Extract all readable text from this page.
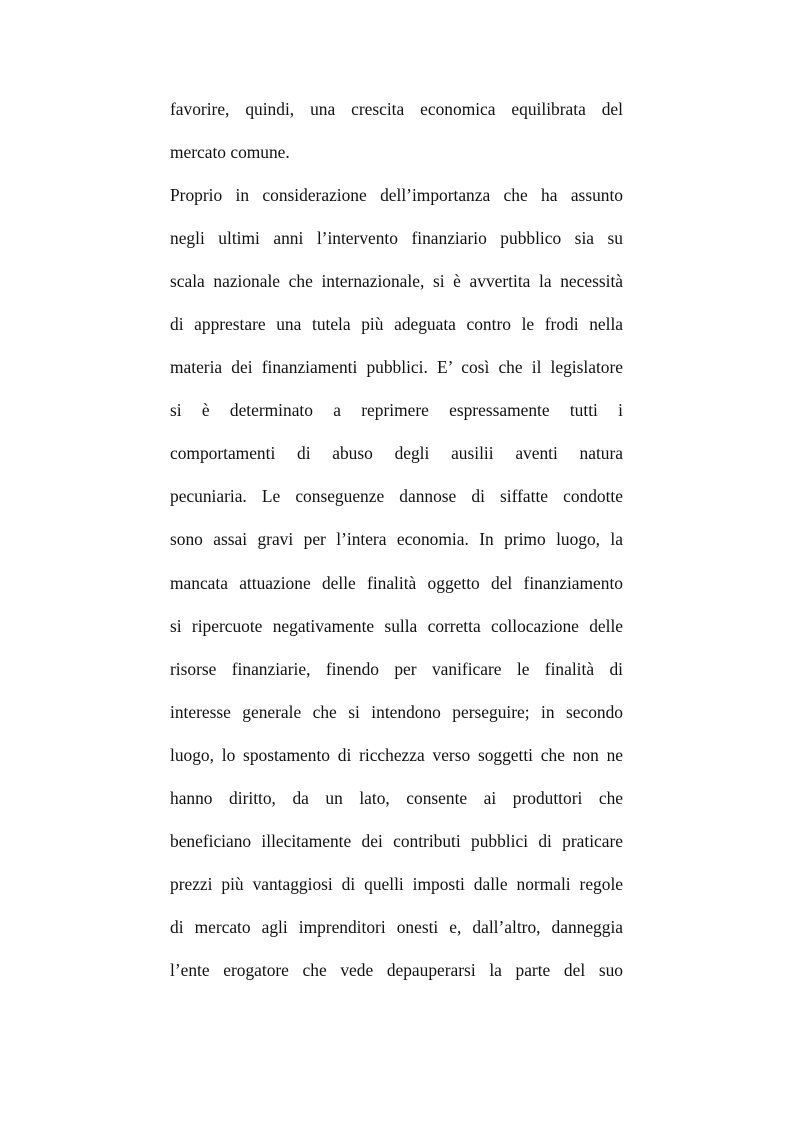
favorire, quindi, una crescita economica equilibrata del
mercato comune.
Proprio in considerazione dell’importanza che ha assunto
negli ultimi anni l’intervento finanziario pubblico sia su
scala nazionale che internazionale, si è avvertita la necessità
di apprestare una tutela più adeguata contro le frodi nella
materia dei finanziamenti pubblici. E’ così che il legislatore
si è determinato a reprimere espressamente tutti i
comportamenti di abuso degli ausilii aventi natura
pecuniaria. Le conseguenze dannose di siffatte condotte
sono assai gravi per l’intera economia. In primo luogo, la
mancata attuazione delle finalità oggetto del finanziamento
si ripercuote negativamente sulla corretta collocazione delle
risorse finanziarie, finendo per vanificare le finalità di
interesse generale che si intendono perseguire; in secondo
luogo, lo spostamento di ricchezza verso soggetti che non ne
hanno diritto, da un lato, consente ai produttori che
beneficiano illecitamente dei contributi pubblici di praticare
prezzi più vantaggiosi di quelli imposti dalle normali regole
di mercato agli imprenditori onesti e, dall’altro, danneggia
l’ente erogatore che vede depauperarsi la parte del suo
